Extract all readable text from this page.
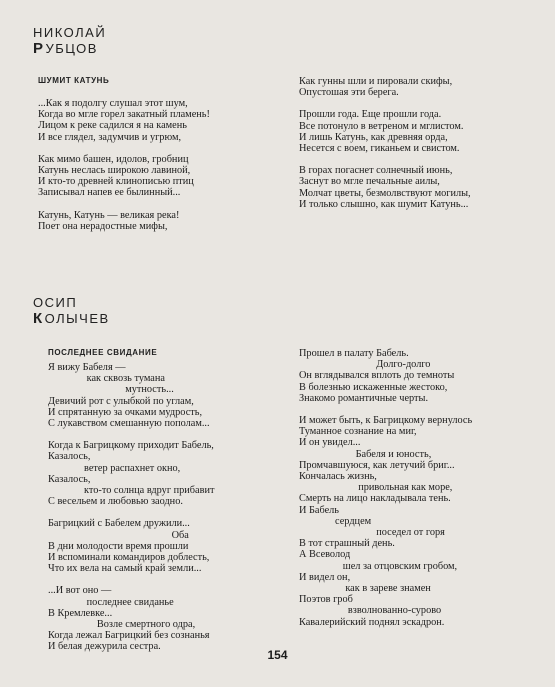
НИКОЛАЙ
РУБЦОВ
ШУМИТ КАТУНЬ
...Как я подолгу слушал этот шум,
Когда во мгле горел закатный пламень!
Лицом к реке садился я на камень
И все глядел, задумчив и угрюм,
Как мимо башен, идолов, гробниц
Катунь неслась широкою лавиной,
И кто-то древней клинописью птиц
Записывал напев ее былинный...
Катунь, Катунь — великая река!
Поет она нерадостные мифы,
Как гунны шли и пировали скифы,
Опустошая эти берега.
Прошли года. Еще прошли года.
Все потонуло в ветреном и мглистом.
И лишь Катунь, как древняя орда,
Несется с воем, гиканьем и свистом.
В горах погаснет солнечный июнь,
Заснут во мгле печальные аилы,
Молчат цветы, безмолвствуют могилы,
И только слышно, как шумит Катунь...
ОСИП
КОЛЫЧЕВ
ПОСЛЕДНЕЕ СВИДАНИЕ
Я вижу Бабеля —
как сквозь тумана
мутность...
Девичий рот с улыбкой по углам,
И спрятанную за очками мудрость,
С лукавством смешанную пополам...
Когда к Багрицкому приходит Бабель,
Казалось,
ветер распахнет окно,
Казалось,
кто-то солнца вдруг прибавит
С весельем и любовью заодно.
Багрицкий с Бабелем дружили...
Оба
В дни молодости время прошли
И вспоминали командиров доблесть,
Что их вела на самый край земли...
...И вот оно —
последнее свиданье
В Кремлевке...
Возле смертного одра,
Когда лежал Багрицкий без сознанья
И белая дежурила сестра.
Прошел в палату Бабель.
Долго-долго
Он вглядывался вплоть до темноты
В болезнью искаженные жестоко,
Знакомо романтичные черты.
И может быть, к Багрицкому вернулось
Туманное сознание на миг,
И он увидел...
Бабеля и юность,
Промчавшуюся, как летучий бриг...
Кончалась жизнь,
привольная как море,
Смерть на лицо накладывала тень.
И Бабель
сердцем
поседел от горя
В тот страшный день.
А Всеволод
шел за отцовским гробом,
И видел он,
как в зареве знамен
Поэтов гроб
взволнованно-сурово
Кавалерийский поднял эскадрон.
154
